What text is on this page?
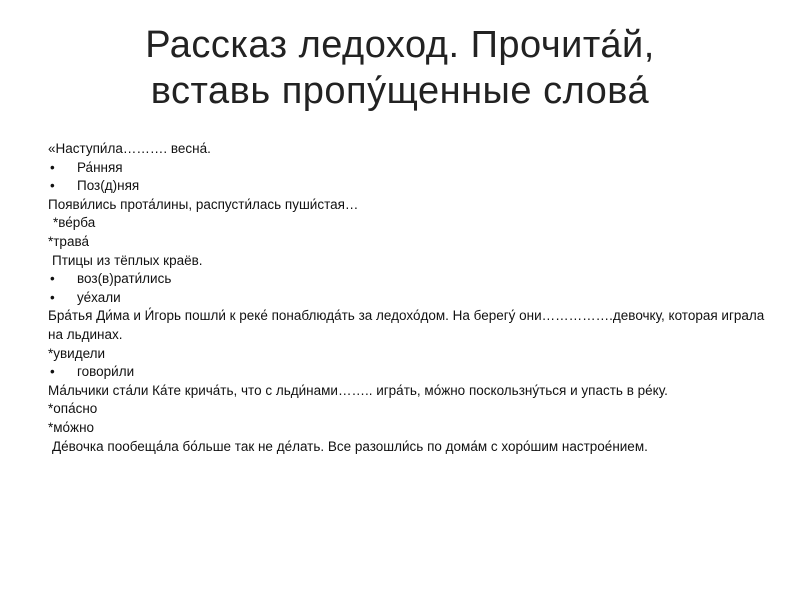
Рассказ ледоход. Прочита́й,
вставь пропу́щенные слова́
«Наступи́ла………. весна́.
• Ра́нняя
• Поз(д)няя
Появи́лись прота́лины, распусти́лась пуши́стая…
*ве́рба
*трава́
Птицы из тёплых краёв.
• воз(в)рати́лись
• уе́хали
Бра́тья Ди́ма и И́горь пошли́ к реке́ понаблюда́ть за ледохо́дом. На берегу́ они…………….девочку, которая играла на льдинах.
*увидели
• говори́ли
Ма́льчики ста́ли Ка́те крича́ть, что с льди́нами…….. игра́ть, мо́жно поскользну́ться и упасть в ре́ку.
*опа́сно
*мо́жно
Де́вочка пообеща́ла бо́льше так не де́лать. Все разошли́сь по дома́м с хоро́шим настрое́нием.
